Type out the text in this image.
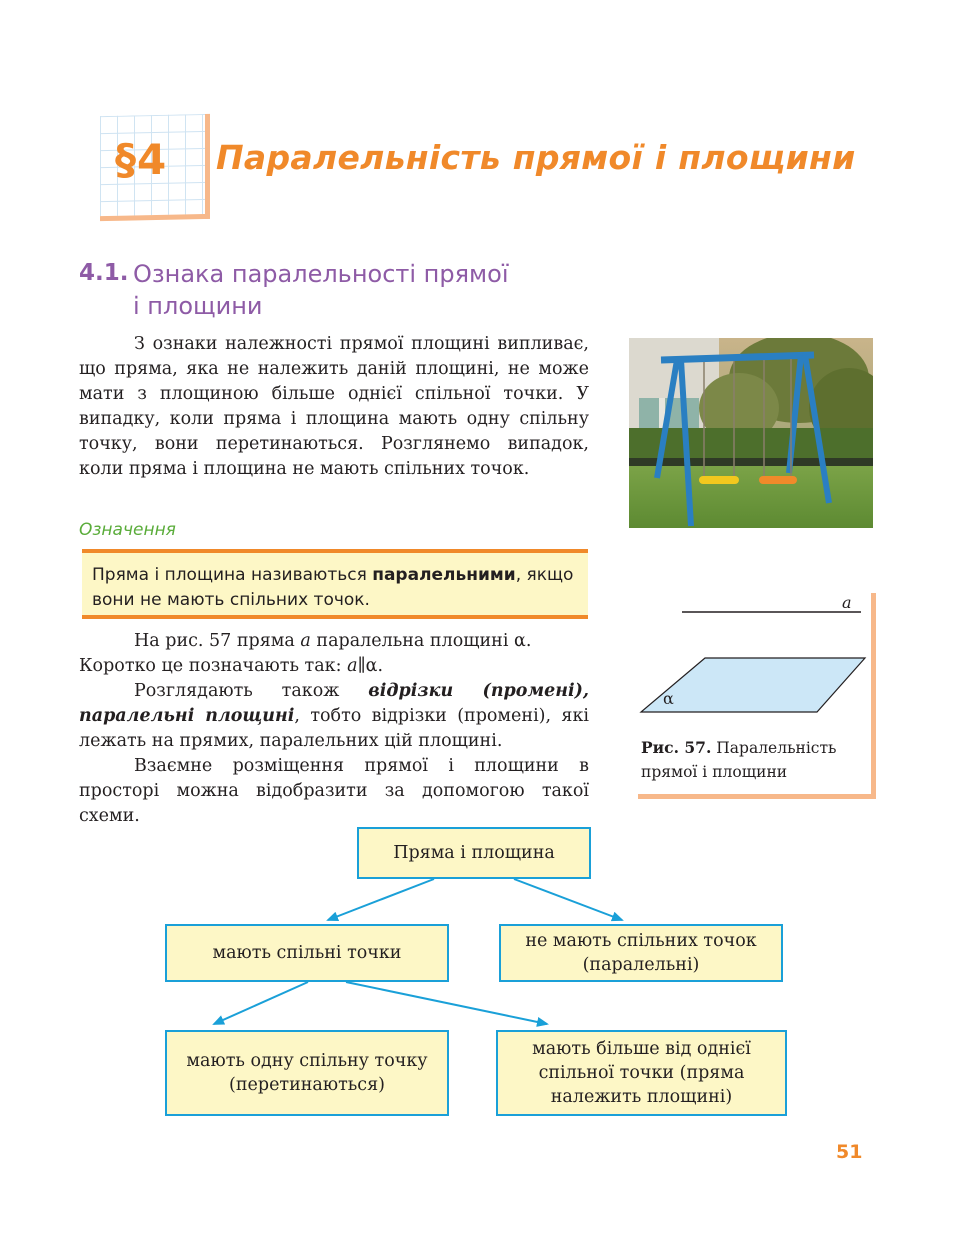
§4 Паралельність прямої і площини
4.1. Ознака паралельності прямої
і площини

З ознаки належності прямої площині випливає, що пряма, яка не належить даній площині, не може мати з площиною більше однієї спільної точки. У випадку, коли пряма і площина мають одну спільну точку, вони перетинаються. Розглянемо випадок, коли пряма і площина не мають спільних точок.

Означення
Пряма і площина називаються паралельними, якщо вони не мають спільних точок.

На рис. 57 пряма a паралельна площині α.

Коротко це позначають так: a∥α.

Розглядають також відрізки (промені), паралельні площині, тобто відрізки (промені), які лежать на прямих, паралельних цій площині.

Взаємне розміщення прямої і площини в просторі можна відобразити за допомогою такої схеми.

a
α
Рис. 57. Паралельність прямої і площини
Пряма і площина
мають спільні точки
не мають спільних точок (паралельні)
мають одну спільну точку (перетинаються)
мають більше від однієї спільної точки (пряма належить площині)
51
